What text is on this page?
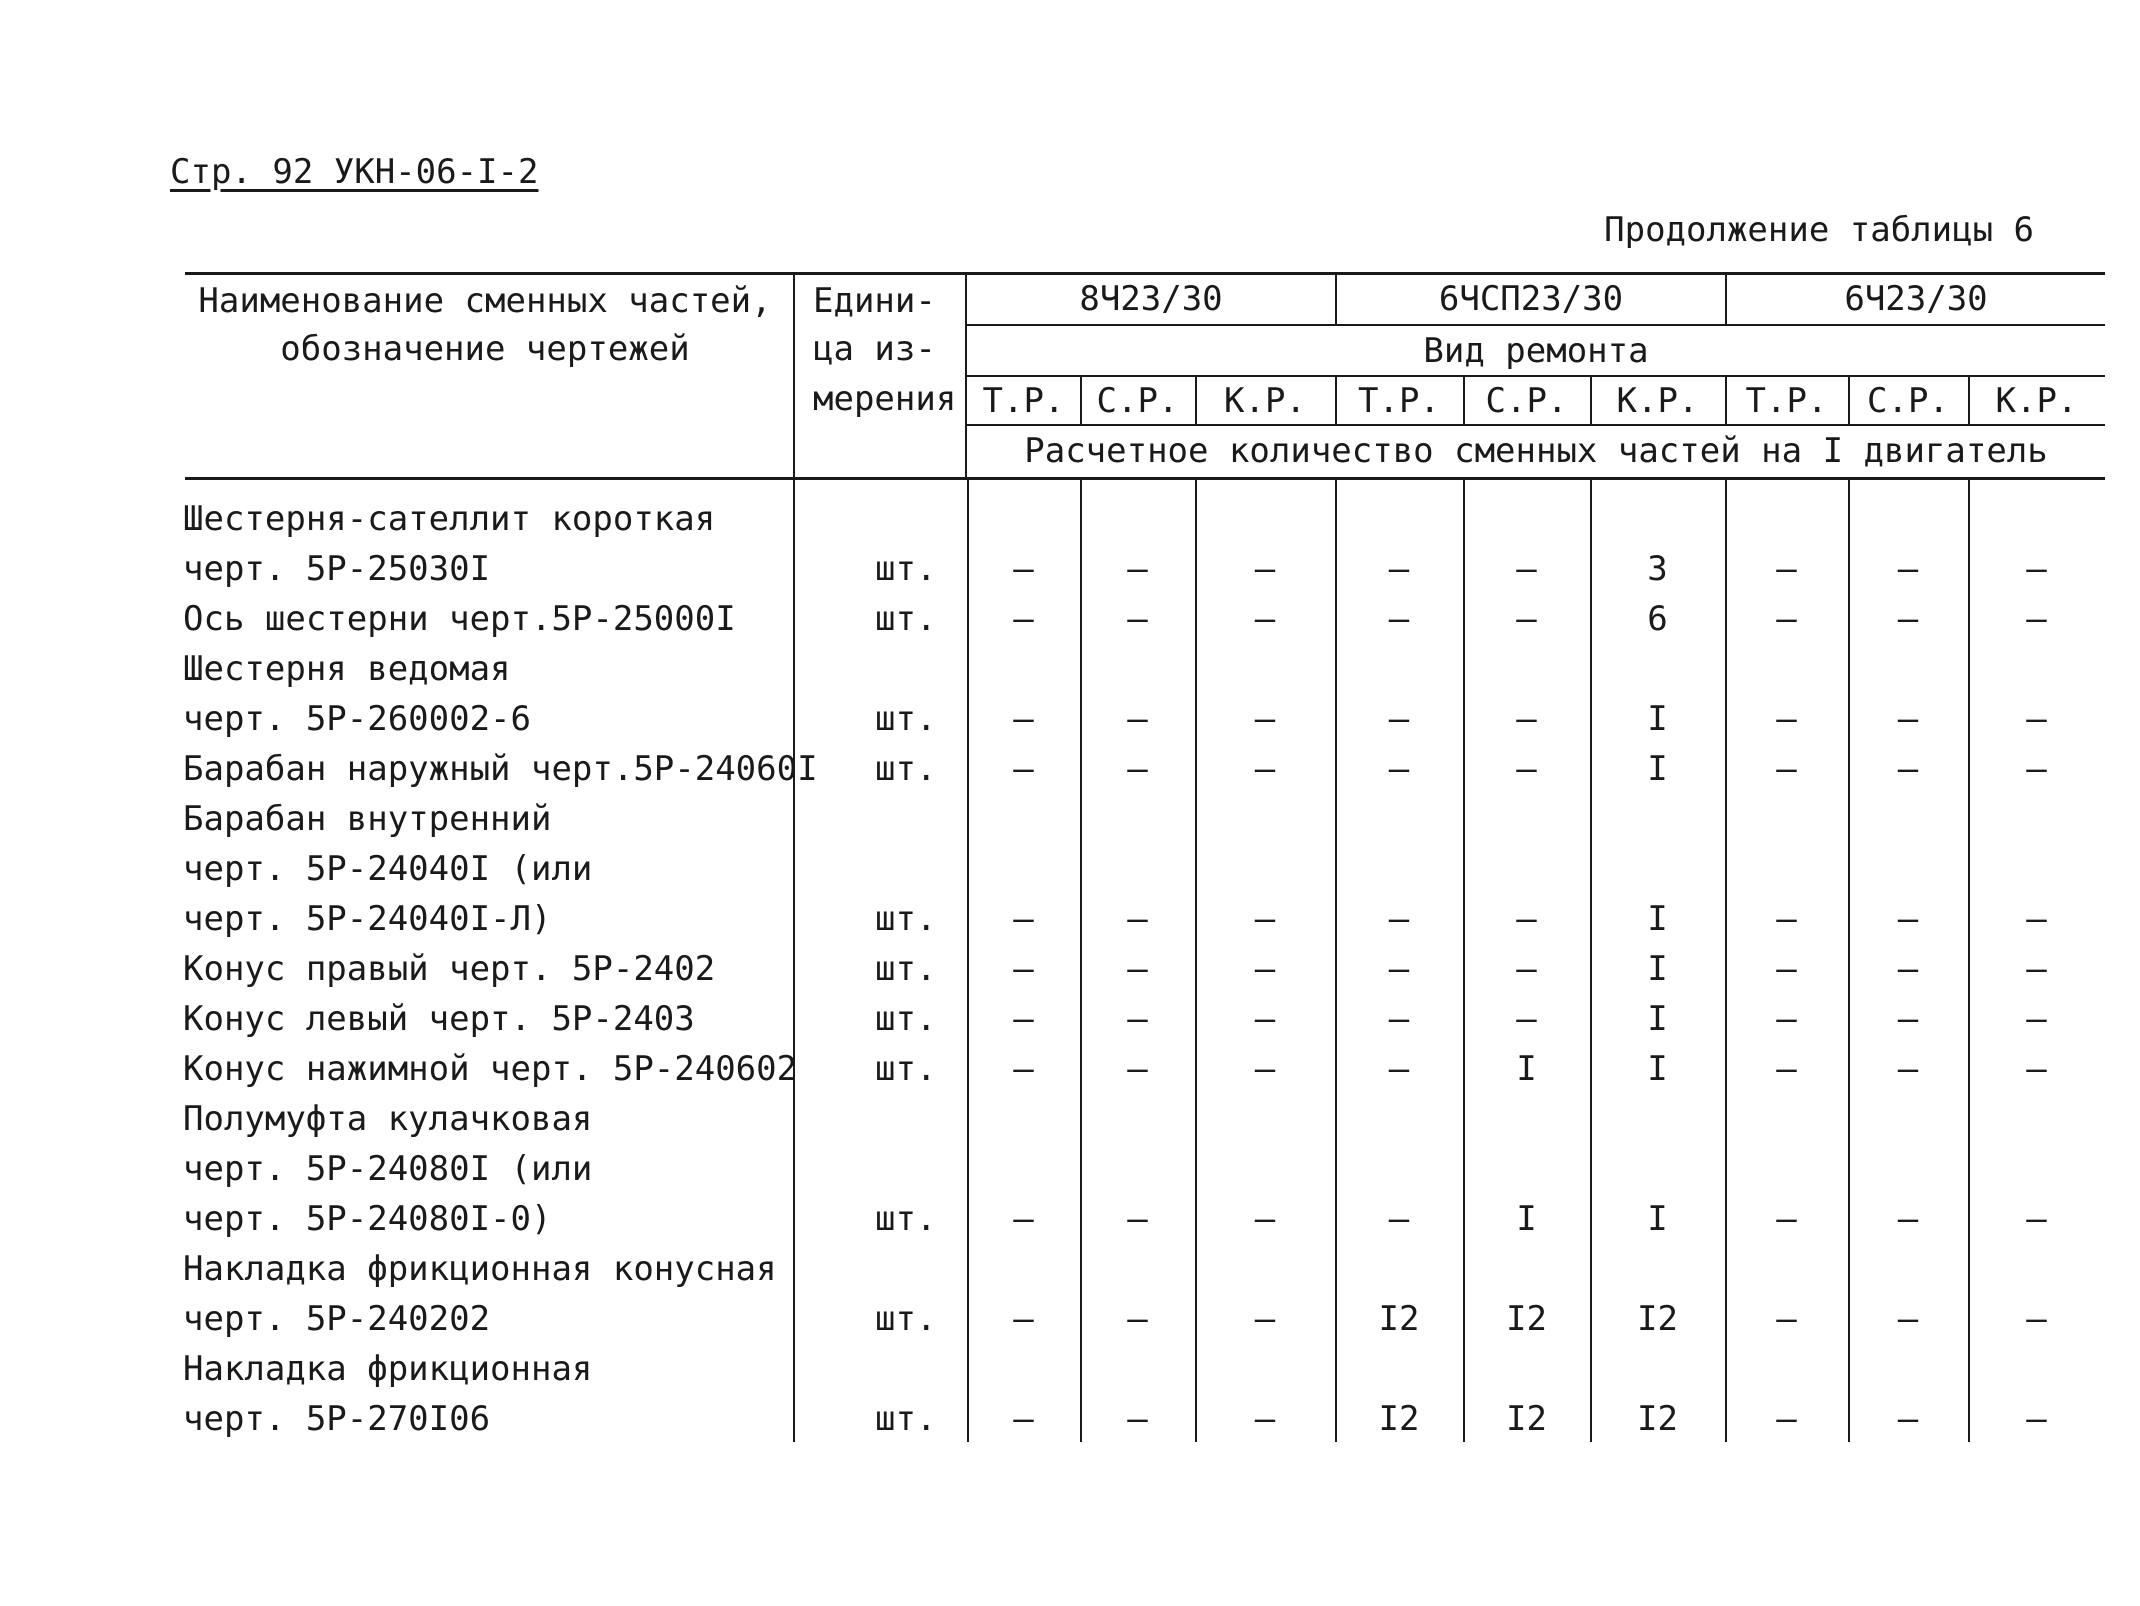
Стр. 92 УКН-06-I-2
Продолжение таблицы 6
Наименование сменных частей,
обозначение чертежей
Едини-
ца из-
мерения
8Ч23/30	6ЧСП23/30	6Ч23/30
Вид ремонта
Т.Р. С.Р.	К.Р.	Т.Р.	С.Р.	К.Р.	Т.Р.	С.Р.	К.Р.
Расчетное количество сменных частей на I двигатель
Шестерня-сателлит короткая
черт. 5Р-25030I	шт.	—	—	—	—	—	3	—	—	—
Ось шестерни черт.5Р-25000I	шт.	—	—	—	—	—	6	—	—	—
Шестерня ведомая
черт. 5Р-260002-6	шт.	—	—	—	—	—	I	—	—	—
Барабан наружный черт.5Р-24060I шт.	—	—	—	—	—	I	—	—	—
Барабан внутренний
черт. 5Р-24040I (или
черт. 5Р-24040I-Л)	шт.	—	—	—	—	—	I	—	—	—
Конус правый черт. 5Р-2402	шт.	—	—	—	—	—	I	—	—	—
Конус левый черт. 5Р-2403	шт.	—	—	—	—	—	I	—	—	—
Конус нажимной черт. 5Р-240602 шт.	—	—	—	—	I	I	—	—	—
Полумуфта кулачковая
черт. 5Р-24080I (или
черт. 5Р-24080I-0)	шт.	—	—	—	—	I	I	—	—	—
Накладка фрикционная конусная
черт. 5Р-240202	шт.	—	—	—	I2	I2	I2	—	—	—
Накладка фрикционная
черт. 5Р-270I06	шт.	—	—	—	I2	I2	I2	—	—	—
